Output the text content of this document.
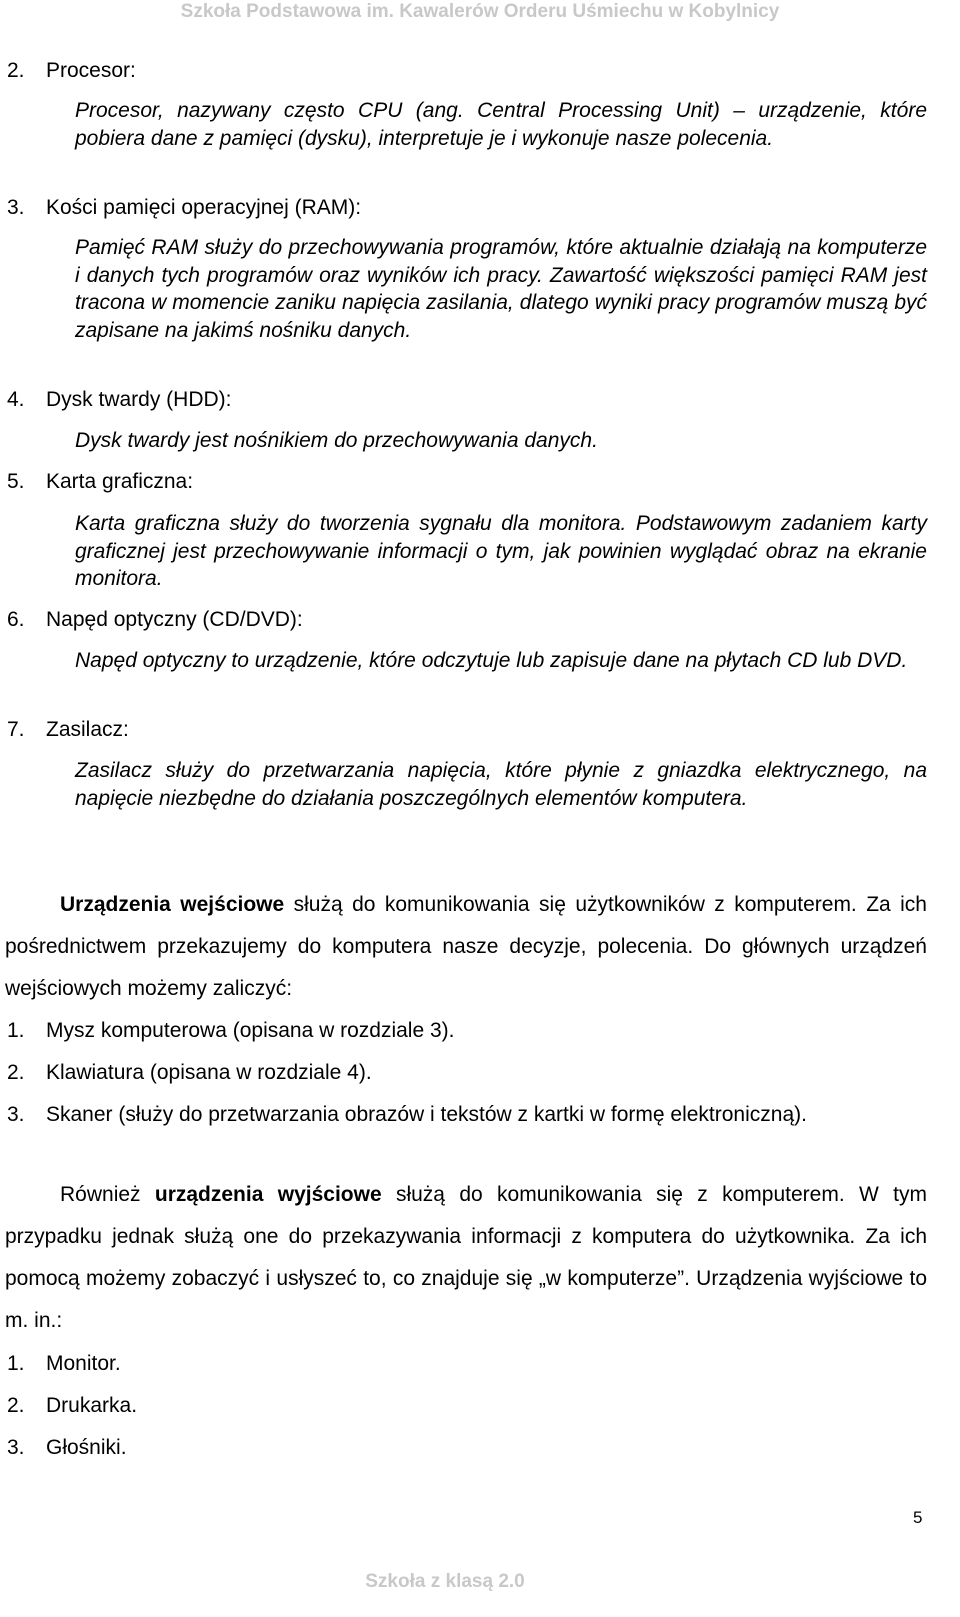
Szkoła Podstawowa im. Kawalerów Orderu Uśmiechu w Kobylnicy
2. Procesor:
Procesor, nazywany często CPU (ang. Central Processing Unit) – urządzenie, które pobiera dane z pamięci (dysku), interpretuje je i wykonuje nasze polecenia.
3. Kości pamięci operacyjnej (RAM):
Pamięć RAM służy do przechowywania programów, które aktualnie działają na komputerze i danych tych programów oraz wyników ich pracy. Zawartość większości pamięci RAM jest tracona w momencie zaniku napięcia zasilania, dlatego wyniki pracy programów muszą być zapisane na jakimś nośniku danych.
4. Dysk twardy (HDD):
Dysk twardy jest nośnikiem do przechowywania danych.
5. Karta graficzna:
Karta graficzna służy do tworzenia sygnału dla monitora. Podstawowym zadaniem karty graficznej jest przechowywanie informacji o tym, jak powinien wyglądać obraz na ekranie monitora.
6. Napęd optyczny (CD/DVD):
Napęd optyczny to urządzenie, które odczytuje lub zapisuje dane na płytach CD lub DVD.
7. Zasilacz:
Zasilacz służy do przetwarzania napięcia, które płynie z gniazdka elektrycznego, na napięcie niezbędne do działania poszczególnych elementów komputera.
Urządzenia wejściowe służą do komunikowania się użytkowników z komputerem. Za ich pośrednictwem przekazujemy do komputera nasze decyzje, polecenia. Do głównych urządzeń wejściowych możemy zaliczyć:
1. Mysz komputerowa (opisana w rozdziale 3).
2. Klawiatura (opisana w rozdziale 4).
3. Skaner (służy do przetwarzania obrazów i tekstów z kartki w formę elektroniczną).
Również urządzenia wyjściowe służą do komunikowania się z komputerem. W tym przypadku jednak służą one do przekazywania informacji z komputera do użytkownika. Za ich pomocą możemy zobaczyć i usłyszeć to, co znajduje się „w komputerze”. Urządzenia wyjściowe to m. in.:
1. Monitor.
2. Drukarka.
3. Głośniki.
5
Szkoła z klasą 2.0
